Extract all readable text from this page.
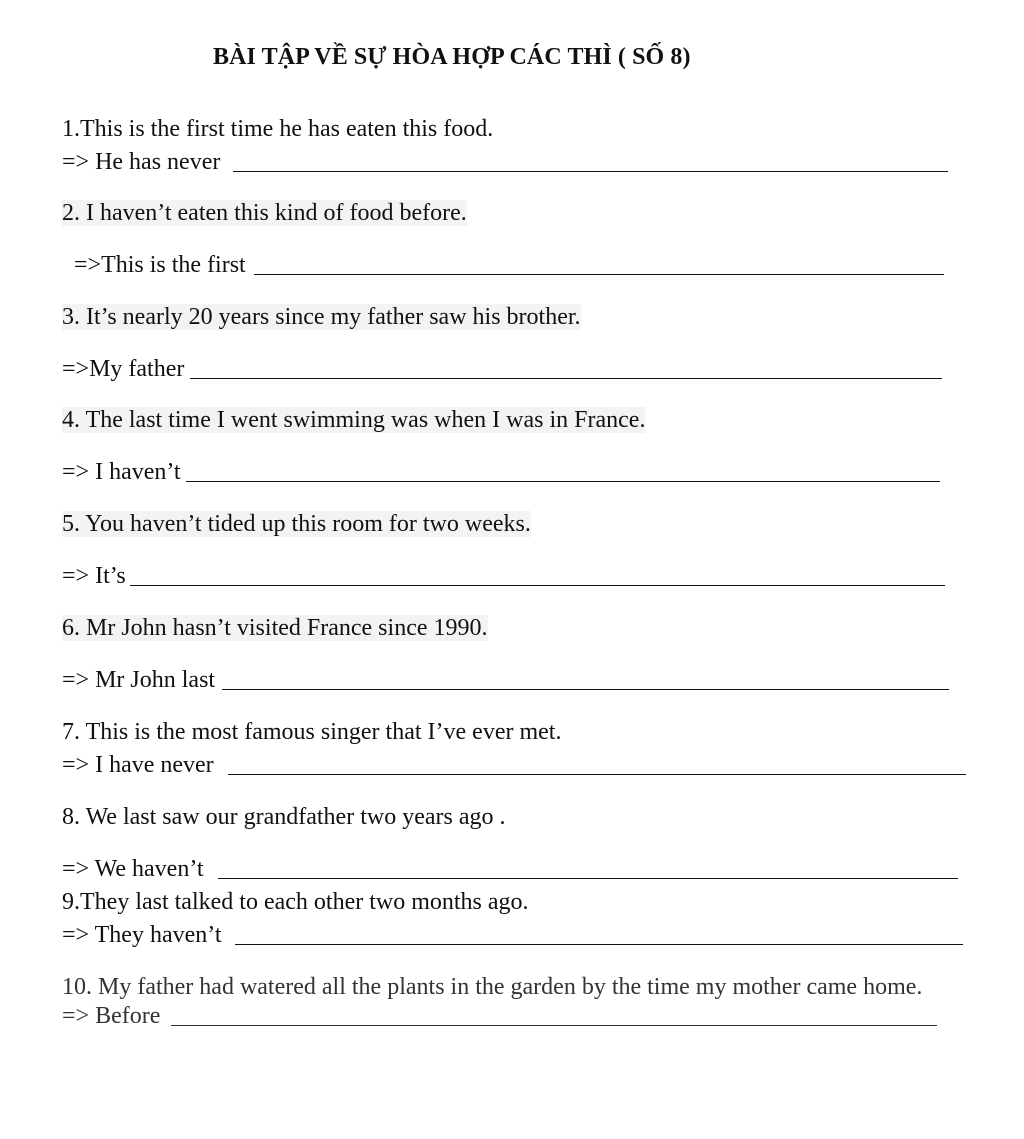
BÀI TẬP VỀ SỰ HÒA HỢP CÁC THÌ ( SỐ 8)
1.This is the first time he has eaten this food.
=> He has never
2. I haven’t eaten this kind of food before.
=>This is the first
3. It’s nearly 20 years since my father saw his brother.
=>My father
4. The last time I went swimming was when I was in France.
=> I haven’t
5. You haven’t tided up this room for two weeks.
=> It’s
6. Mr John hasn’t visited France since 1990.
=> Mr John last
7. This is the most famous singer that I’ve ever met.
=> I have never
8. We last saw our grandfather two years ago .
=> We haven’t
9.They last talked to each other two months ago.
=> They haven’t
10. My father had watered all the plants in the garden by the time my mother came home.
=> Before
